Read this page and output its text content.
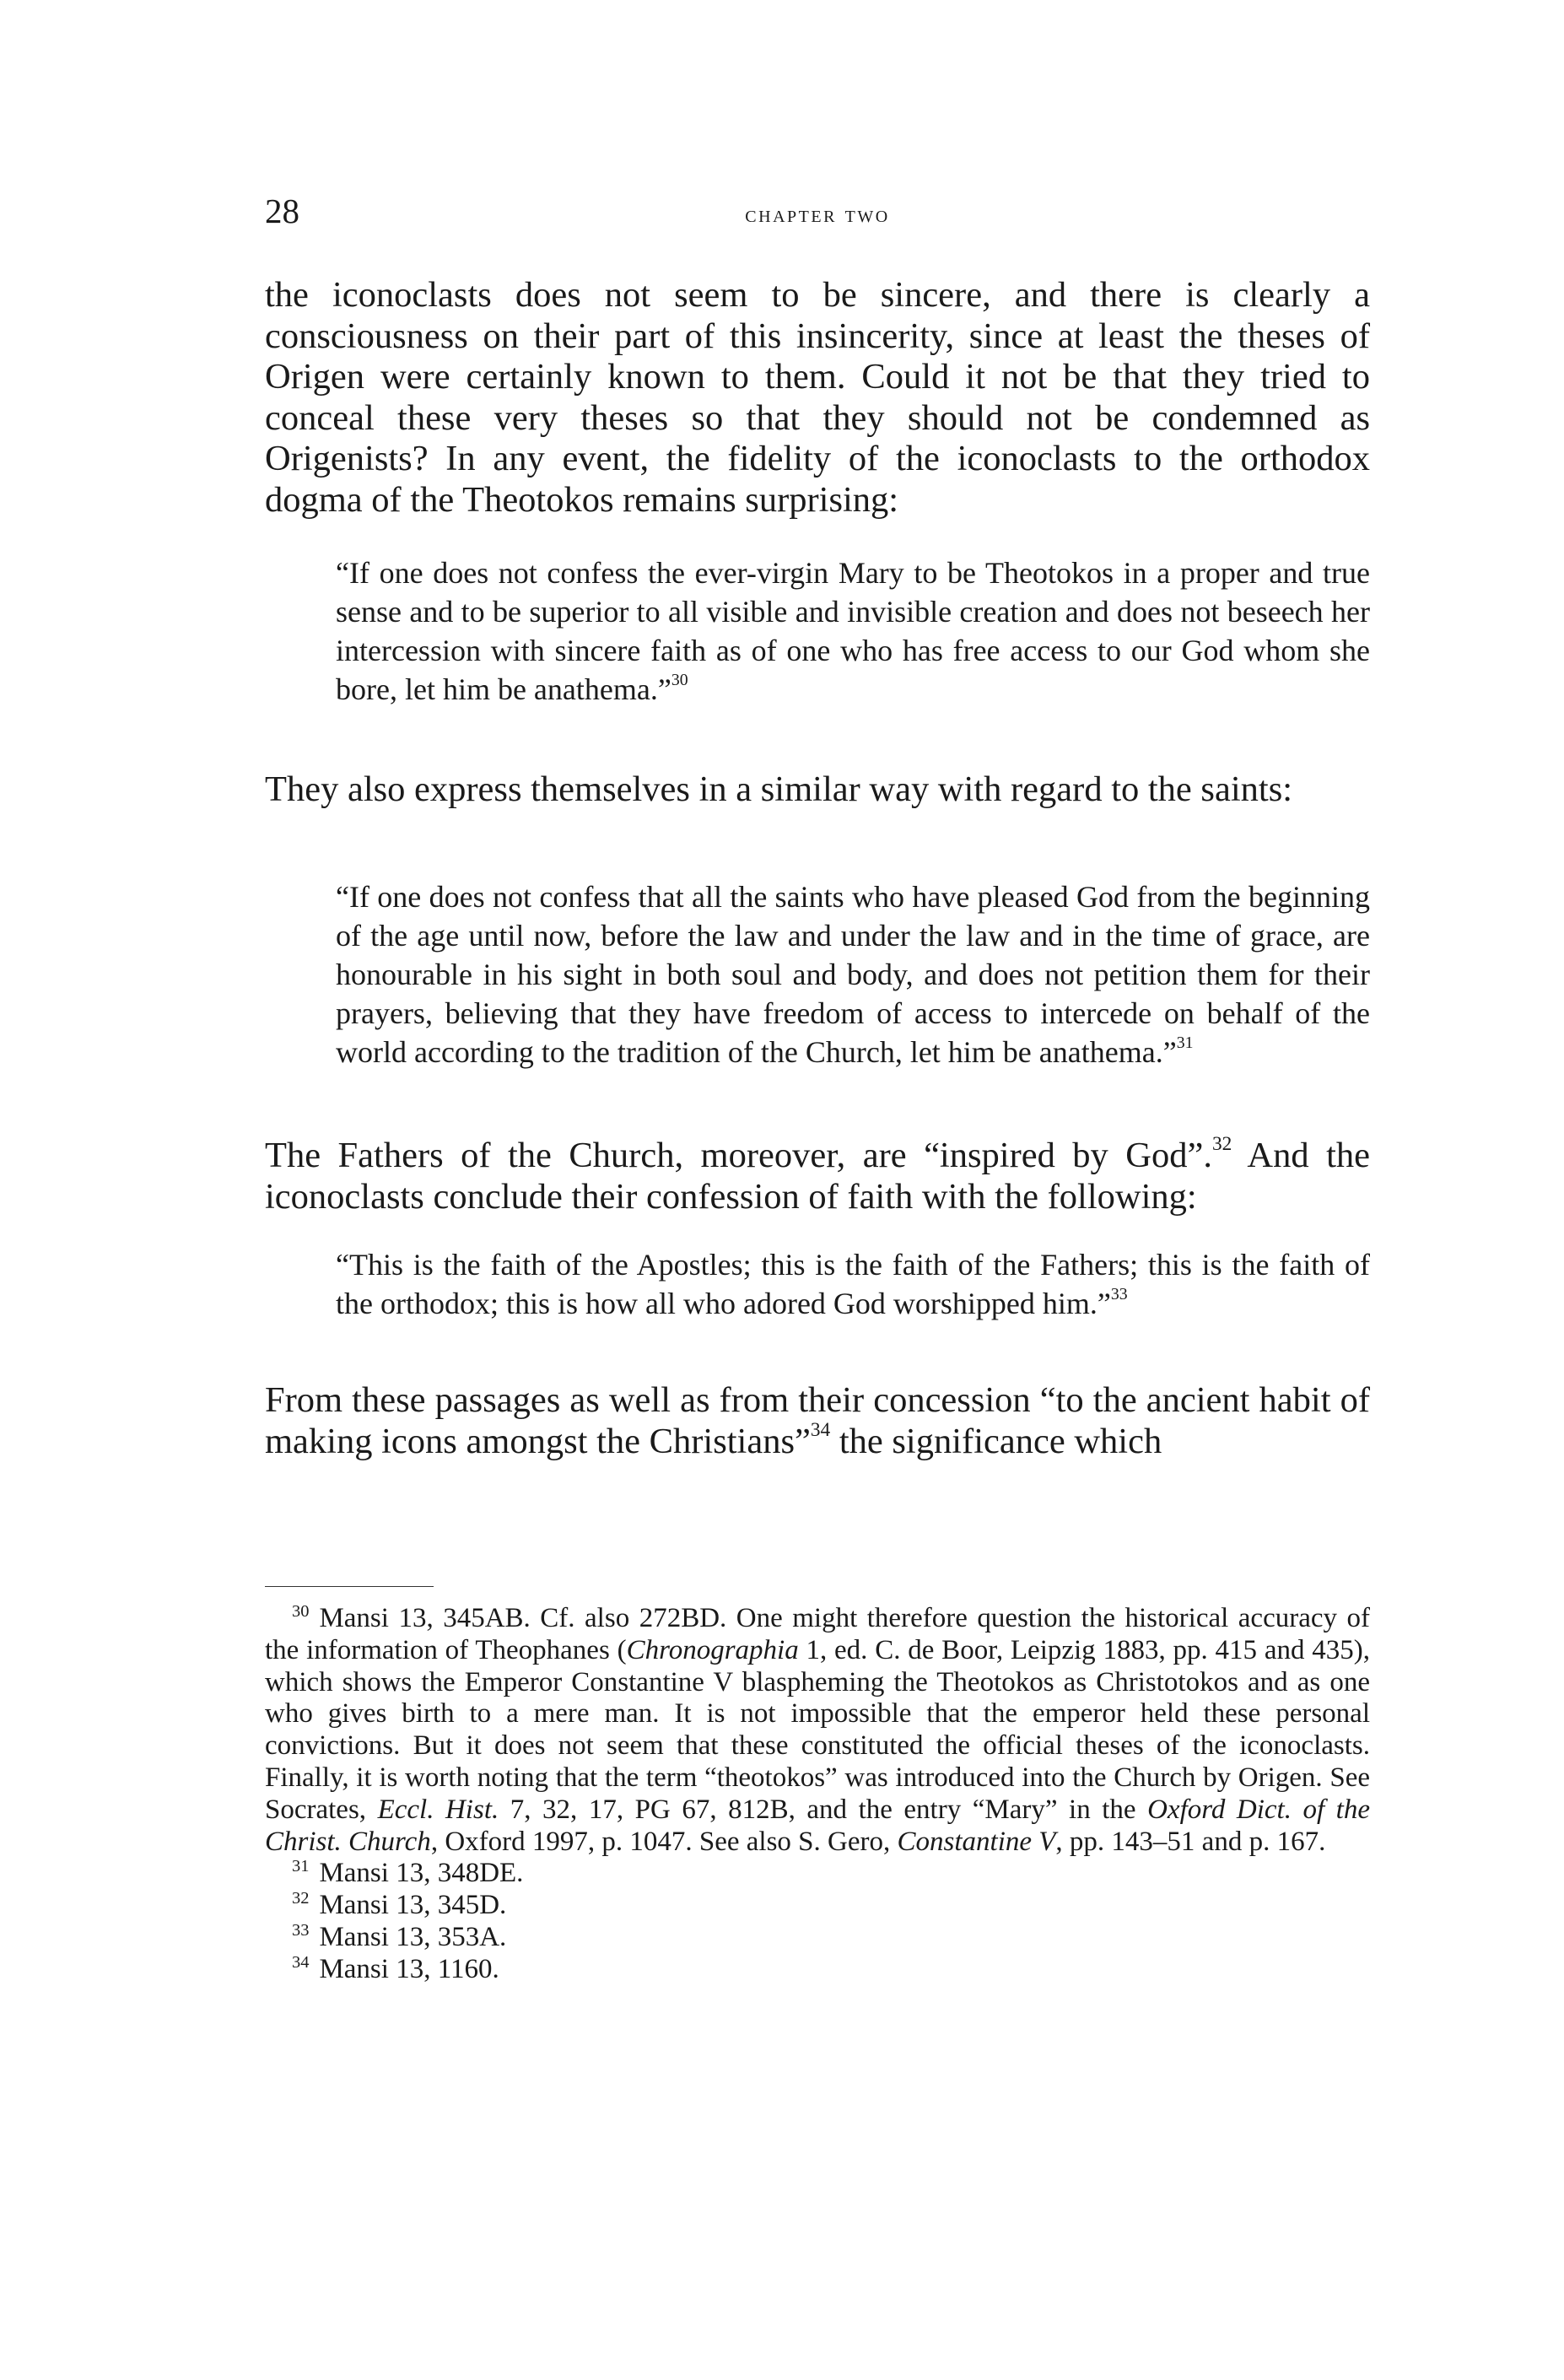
28	chapter two

the iconoclasts does not seem to be sincere, and there is clearly a consciousness on their part of this insincerity, since at least the theses of Origen were certainly known to them. Could it not be that they tried to conceal these very theses so that they should not be condemned as Origenists? In any event, the fidelity of the iconoclasts to the orthodox dogma of the Theotokos remains surprising:

“If one does not confess the ever-virgin Mary to be Theotokos in a proper and true sense and to be superior to all visible and invisible creation and does not beseech her intercession with sincere faith as of one who has free access to our God whom she bore, let him be anathema.”$^{30}$

They also express themselves in a similar way with regard to the saints:

“If one does not confess that all the saints who have pleased God from the beginning of the age until now, before the law and under the law and in the time of grace, are honourable in his sight in both soul and body, and does not petition them for their prayers, believing that they have freedom of access to intercede on behalf of the world according to the tradition of the Church, let him be anathema.”$^{31}$

The Fathers of the Church, moreover, are “inspired by God”.$^{32}$ And the iconoclasts conclude their confession of faith with the following:

“This is the faith of the Apostles; this is the faith of the Fathers; this is the faith of the orthodox; this is how all who adored God worshipped him.”$^{33}$

From these passages as well as from their concession “to the ancient habit of making icons amongst the Christians”$^{34}$ the significance which

$^{30}$ Mansi 13, 345AB. Cf. also 272BD. One might therefore question the historical accuracy of the information of Theophanes (Chronographia 1, ed. C. de Boor, Leipzig 1883, pp. 415 and 435), which shows the Emperor Constantine V blaspheming the Theotokos as Christotokos and as one who gives birth to a mere man. It is not impossible that the emperor held these personal convictions. But it does not seem that these constituted the official theses of the iconoclasts. Finally, it is worth noting that the term “theotokos” was introduced into the Church by Origen. See Socrates, Eccl. Hist. 7, 32, 17, PG 67, 812B, and the entry “Mary” in the Oxford Dict. of the Christ. Church, Oxford 1997, p. 1047. See also S. Gero, Constantine V, pp. 143–51 and p. 167.

$^{31}$ Mansi 13, 348DE.

$^{32}$ Mansi 13, 345D.

$^{33}$ Mansi 13, 353A.

$^{34}$ Mansi 13, 1160.
